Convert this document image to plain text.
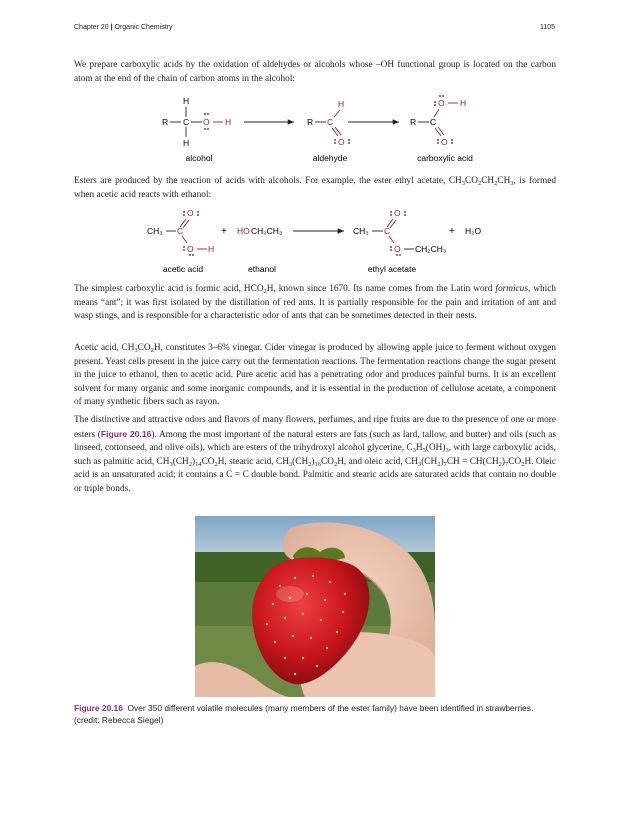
Chapter 20 | Organic Chemistry	1105

We prepare carboxylic acids by the oxidation of aldehydes or alcohols whose –OH functional group is located on the carbon atom at the end of the chain of carbon atoms in the alcohol:

H
R C O H
H
H
R C
O
O H
R C
O
alcohol	aldehyde	carboxylic acid

Esters are produced by the reaction of acids with alcohols. For example, the ester ethyl acetate, $CH_3CO_2CH_2CH_3$, is formed when acetic acid reacts with ethanol:

O
CH₃ C
O H
+ HO CH₂CH₃
O
CH₃ C
O CH₂CH₃
+ H₂O
acetic acid	ethanol	ethyl acetate

The simplest carboxylic acid is formic acid, $HCO_2H$, known since 1670. Its name comes from the Latin word formicus, which means “ant”; it was first isolated by the distillation of red ants. It is partially responsible for the pain and irritation of ant and wasp stings, and is responsible for a characteristic odor of ants that can be sometimes detected in their nests.

Acetic acid, $CH_3CO_2H$, constitutes 3–6% vinegar. Cider vinegar is produced by allowing apple juice to ferment without oxygen present. Yeast cells present in the juice carry out the fermentation reactions. The fermentation reactions change the sugar present in the juice to ethanol, then to acetic acid. Pure acetic acid has a penetrating odor and produces painful burns. It is an excellent solvent for many organic and some inorganic compounds, and it is essential in the production of cellulose acetate, a component of many synthetic fibers such as rayon.

The distinctive and attractive odors and flavors of many flowers, perfumes, and ripe fruits are due to the presence of one or more esters (Figure 20.16). Among the most important of the natural esters are fats (such as lard, tallow, and butter) and oils (such as linseed, cottonseed, and olive oils), which are esters of the trihydroxyl alcohol glycerine, $C_3H_5(OH)_3$, with large carboxylic acids, such as palmitic acid, $CH_3(CH_2)_{14}CO_2H$, stearic acid, $CH_3(CH_2)_{16}CO_2H$, and oleic acid, $CH_3(CH_2)_7CH = CH(CH_2)_7CO_2H$. Oleic acid is an unsaturated acid; it contains a C = C double bond. Palmitic and stearic acids are saturated acids that contain no double or triple bonds.

Figure 20.16 Over 350 different volatile molecules (many members of the ester family) have been identified in strawberries. (credit: Rebecca Siegel)
